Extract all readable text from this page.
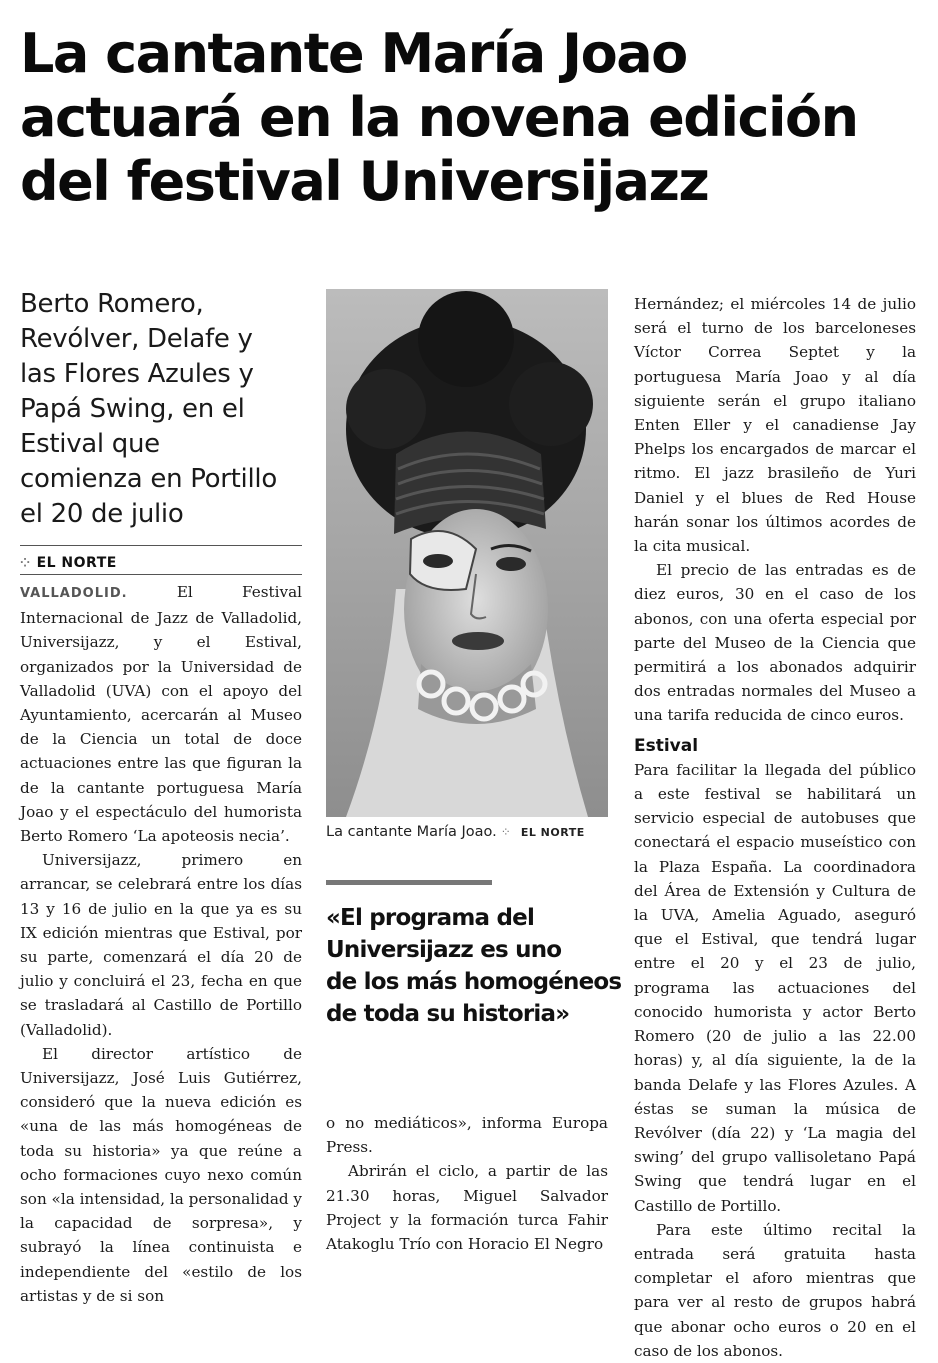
La cantante María Joao
actuará en la novena edición
del festival Universijazz
Berto Romero,
Revólver, Delafe y
las Flores Azules y
Papá Swing, en el
Estival que
comienza en Portillo
el 20 de julio
⁘ EL NORTE

VALLADOLID. El Festival Internacional de Jazz de Valladolid, Universijazz, y el Estival, organizados por la Universidad de Valladolid (UVA) con el apoyo del Ayuntamiento, acercarán al Museo de la Ciencia un total de doce actuaciones entre las que figuran la de la cantante portuguesa María Joao y el espectáculo del humorista Berto Romero ‘La apoteosis necia’.

Universijazz, primero en arrancar, se celebrará entre los días 13 y 16 de julio en la que ya es su IX edición mientras que Estival, por su parte, comenzará el día 20 de julio y concluirá el 23, fecha en que se trasladará al Castillo de Portillo (Valladolid).

El director artístico de Universijazz, José Luis Gutiérrez, consideró que la nueva edición es «una de las más homogéneas de toda su historia» ya que reúne a ocho formaciones cuyo nexo común son «la intensidad, la personalidad y la capacidad de sorpresa», y subrayó la línea continuista e independiente del «estilo de los artistas y de si son

La cantante María Joao. ⁘ EL NORTE
«El programa del
Universijazz es uno
de los más homogéneos
de toda su historia»

o no mediáticos», informa Europa Press.

Abrirán el ciclo, a partir de las 21.30 horas, Miguel Salvador Project y la formación turca Fahir Atakoglu Trío con Horacio El Negro

Hernández; el miércoles 14 de julio será el turno de los barceloneses Víctor Correa Septet y la portuguesa María Joao y al día siguiente serán el grupo italiano Enten Eller y el canadiense Jay Phelps los encargados de marcar el ritmo. El jazz brasileño de Yuri Daniel y el blues de Red House harán sonar los últimos acordes de la cita musical.

El precio de las entradas es de diez euros, 30 en el caso de los abonos, con una oferta especial por parte del Museo de la Ciencia que permitirá a los abonados adquirir dos entradas normales del Museo a una tarifa reducida de cinco euros.

Estival

Para facilitar la llegada del público a este festival se habilitará un servicio especial de autobuses que conectará el espacio museístico con la Plaza España. La coordinadora del Área de Extensión y Cultura de la UVA, Amelia Aguado, aseguró que el Estival, que tendrá lugar entre el 20 y el 23 de julio, programa las actuaciones del conocido humorista y actor Berto Romero (20 de julio a las 22.00 horas) y, al día siguiente, la de la banda Delafe y las Flores Azules. A éstas se suman la música de Revólver (día 22) y ‘La magia del swing’ del grupo vallisoletano Papá Swing que tendrá lugar en el Castillo de Portillo.

Para este último recital la entrada será gratuita hasta completar el aforo mientras que para ver al resto de grupos habrá que abonar ocho euros o 20 en el caso de los abonos.
